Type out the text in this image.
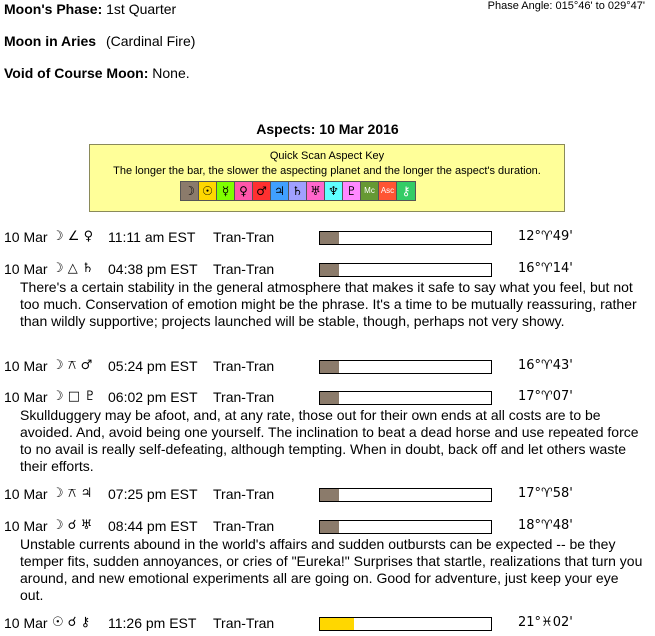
Moon's Phase: 1st Quarter	Phase Angle: 015°46' to 029°47'
Moon in Aries (Cardinal Fire)
Void of Course Moon: None.
Aspects: 10 Mar 2016
Quick Scan Aspect Key
The longer the bar, the slower the aspecting planet and the longer the aspect's duration.
☽ ☉ ☿ ♀ ♂ ♃ ♄ ♅ ♆ ♇ Mc Asc ⚷
10 Mar ☽ ∠ ♀ 11:11 am EST Tran-Tran	12°♈49'
10 Mar ☽ △ ♄ 04:38 pm EST Tran-Tran	16°♈14'
There's a certain stability in the general atmosphere that makes it safe to say what you feel, but not too much. Conservation of emotion might be the phrase. It's a time to be mutually reassuring, rather than wildly supportive; projects launched will be stable, though, perhaps not very showy.
10 Mar ☽ ⚻ ♂ 05:24 pm EST Tran-Tran	16°♈43'
10 Mar ☽ □ ♇ 06:02 pm EST Tran-Tran	17°♈07'
Skullduggery may be afoot, and, at any rate, those out for their own ends at all costs are to be avoided. And, avoid being one yourself. The inclination to beat a dead horse and use repeated force to no avail is really self-defeating, although tempting. When in doubt, back off and let others waste their efforts.
10 Mar ☽ ⚻ ♃ 07:25 pm EST Tran-Tran	17°♈58'
10 Mar ☽ ☌ ♅ 08:44 pm EST Tran-Tran	18°♈48'
Unstable currents abound in the world's affairs and sudden outbursts can be expected -- be they temper fits, sudden annoyances, or cries of "Eureka!" Surprises that startle, realizations that turn you around, and new emotional experiments all are going on. Good for adventure, just keep your eye out.
10 Mar ☉ ☌ ⚷ 11:26 pm EST Tran-Tran	21°♓02'
